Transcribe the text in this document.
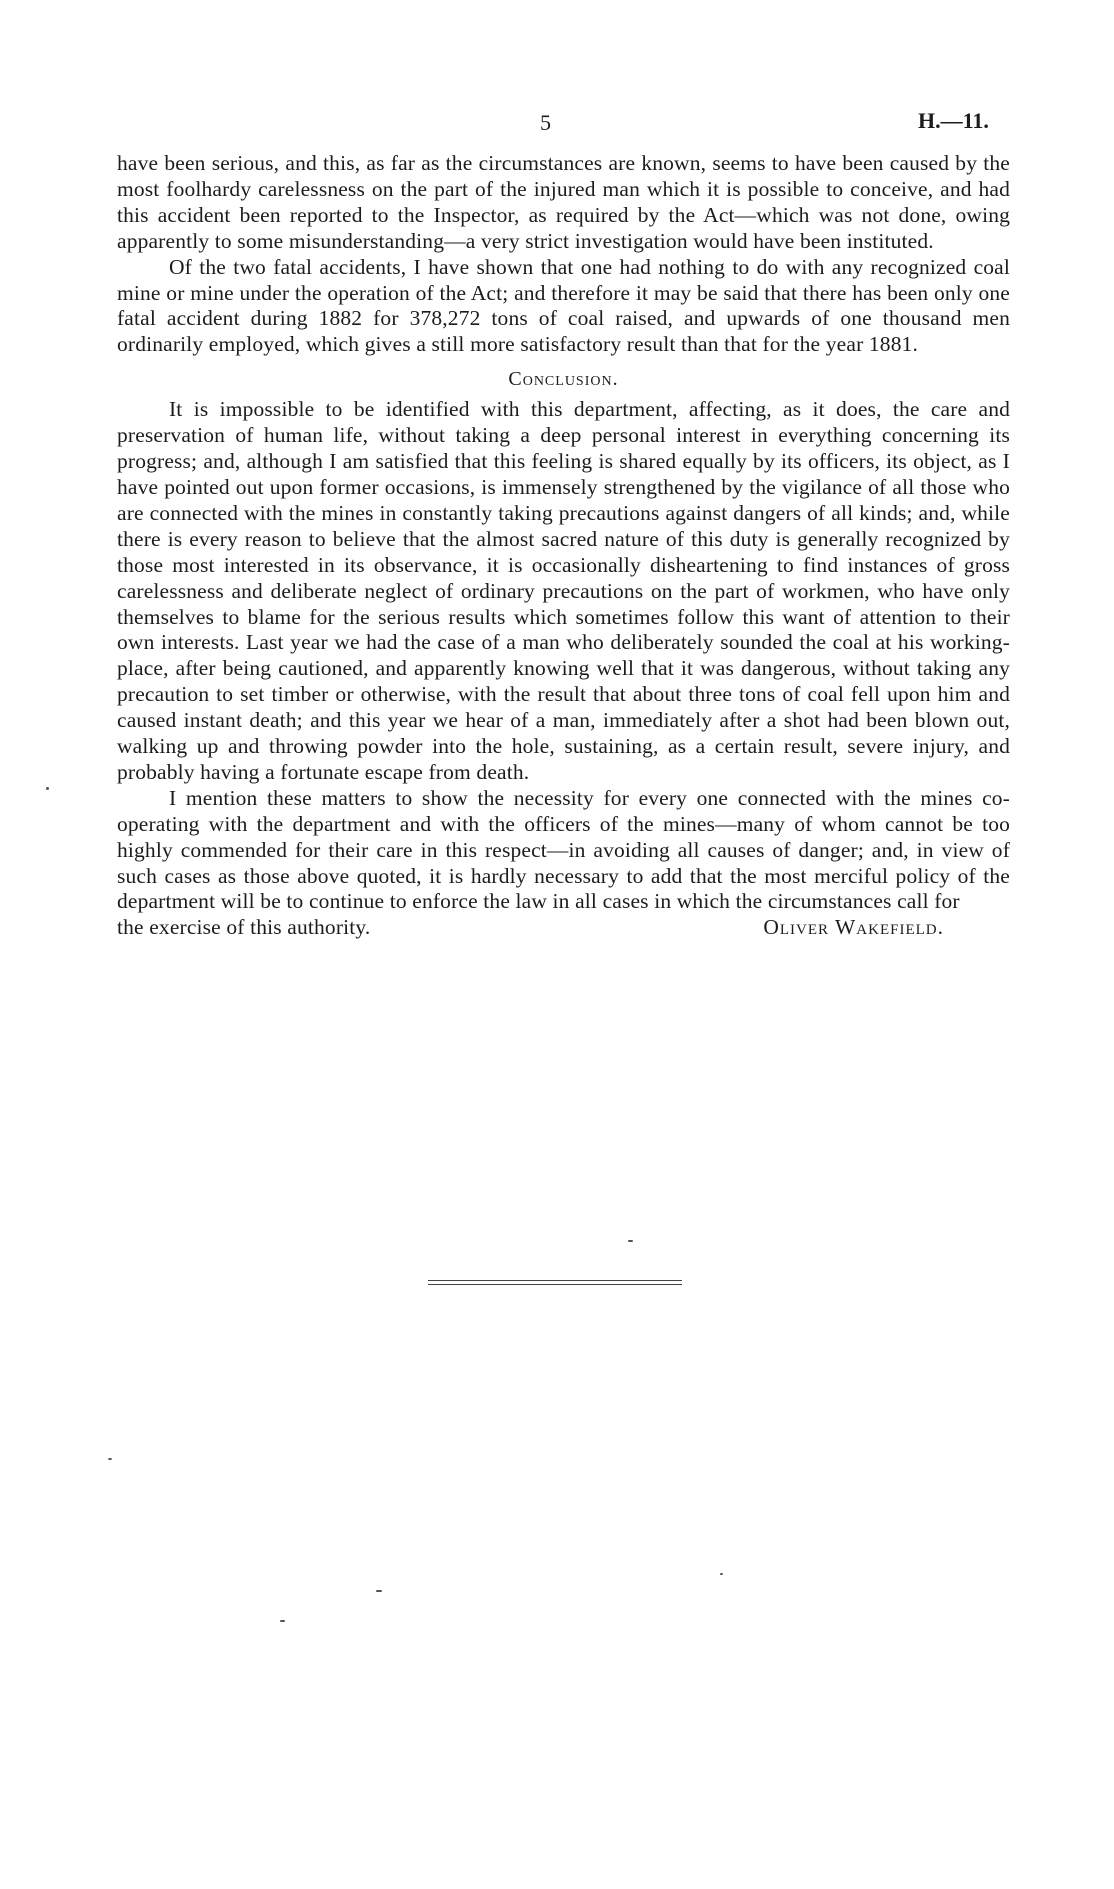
5	H.—11.

have been serious, and this, as far as the circumstances are known, seems to have been caused by the most foolhardy carelessness on the part of the injured man which it is possible to conceive, and had this accident been reported to the Inspector, as required by the Act—which was not done, owing apparently to some misunderstanding—a very strict investigation would have been instituted.

Of the two fatal accidents, I have shown that one had nothing to do with any recognized coal mine or mine under the operation of the Act; and therefore it may be said that there has been only one fatal accident during 1882 for 378,272 tons of coal raised, and upwards of one thousand men ordinarily employed, which gives a still more satisfactory result than that for the year 1881.

Conclusion.

It is impossible to be identified with this department, affecting, as it does, the care and preservation of human life, without taking a deep personal interest in everything concerning its progress; and, although I am satisfied that this feeling is shared equally by its officers, its object, as I have pointed out upon former occasions, is immensely strengthened by the vigilance of all those who are connected with the mines in constantly taking precautions against dangers of all kinds; and, while there is every reason to believe that the almost sacred nature of this duty is generally recognized by those most interested in its observance, it is occasionally disheartening to find instances of gross carelessness and deliberate neglect of ordinary precautions on the part of workmen, who have only themselves to blame for the serious results which sometimes follow this want of attention to their own interests. Last year we had the case of a man who deliberately sounded the coal at his working-place, after being cautioned, and apparently knowing well that it was dangerous, without taking any precaution to set timber or otherwise, with the result that about three tons of coal fell upon him and caused instant death; and this year we hear of a man, immediately after a shot had been blown out, walking up and throwing powder into the hole, sustaining, as a certain result, severe injury, and probably having a fortunate escape from death.

I mention these matters to show the necessity for every one connected with the mines co-operating with the department and with the officers of the mines—many of whom cannot be too highly commended for their care in this respect—in avoiding all causes of danger; and, in view of such cases as those above quoted, it is hardly necessary to add that the most merciful policy of the department will be to continue to enforce the law in all cases in which the circumstances call for

the exercise of this authority.	Oliver Wakefield.
